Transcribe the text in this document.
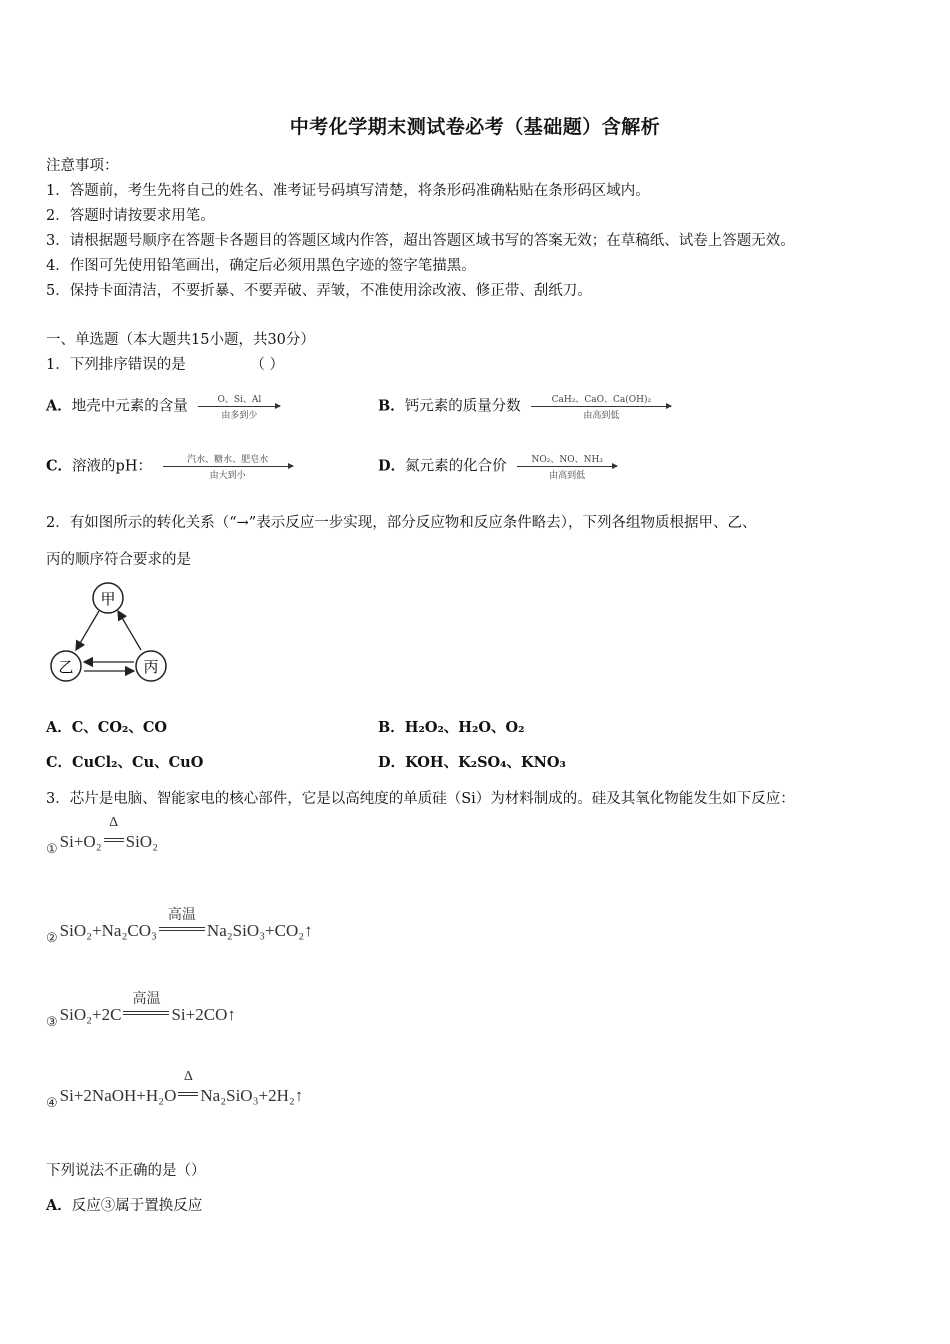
中考化学期末测试卷必考（基础题）含解析
注意事项：
1．答题前，考生先将自己的姓名、准考证号码填写清楚，将条形码准确粘贴在条形码区域内。
2．答题时请按要求用笔。
3．请根据题号顺序在答题卡各题目的答题区域内作答，超出答题区域书写的答案无效；在草稿纸、试卷上答题无效。
4．作图可先使用铅笔画出，确定后必须用黑色字迹的签字笔描黑。
5．保持卡面清洁，不要折暴、不要弄破、弄皱，不准使用涂改液、修正带、刮纸刀。
一、单选题（本大题共15小题，共30分）
1．下列排序错误的是	（ ）
A．地壳中元素的含量	O、Si、Al
由多到少
B．钙元素的质量分数	CaH₂、CaO、Ca(OH)₂
由高到低
C．溶液的pH：	汽水、糖水、肥皂水
由大到小
D．氮元素的化合价	NO₂、NO、NH₃
由高到低
2．有如图所示的转化关系（“→”表示反应一步实现，部分反应物和反应条件略去），下列各组物质根据甲、乙、
丙的顺序符合要求的是
甲
乙	丙
A．C、CO₂、CO	B．H₂O₂、H₂O、O₂
C．CuCl₂、Cu、CuO	D．KOH、K₂SO₄、KNO₃
3．芯片是电脑、智能家电的核心部件，它是以高纯度的单质硅（Si）为材料制成的。硅及其氧化物能发生如下反应：
$_①$ Si+O₂
Δ
SiO₂
$_②$ SiO₂+Na₂CO₃
高温
Na₂SiO₃+CO₂↑
$_③$ SiO₂+2C
高温
Si+2CO↑
$_④$ Si+2NaOH+H₂O
Δ
Na₂SiO₃+2H₂↑
下列说法不正确的是（）
A．反应③属于置换反应
